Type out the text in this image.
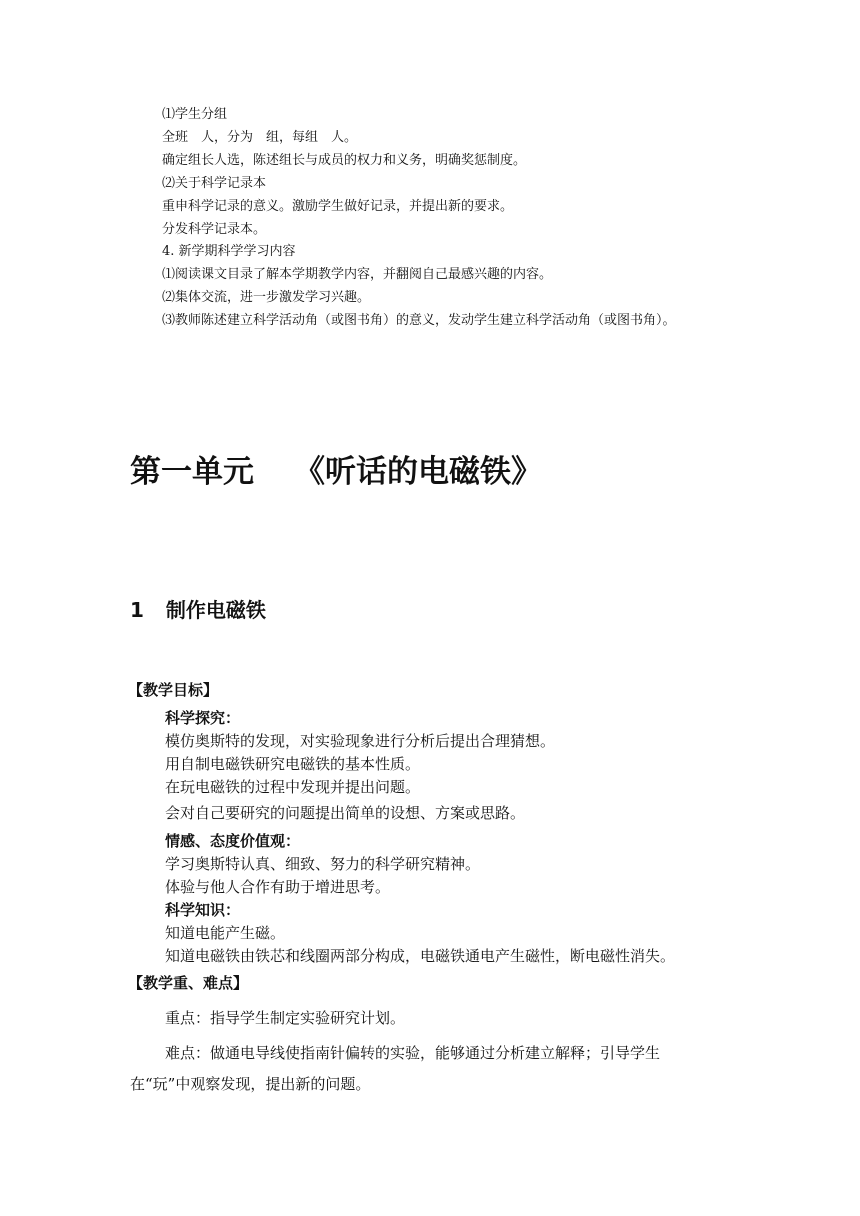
⑴学生分组
全班　人，分为　组，每组　人。
确定组长人选，陈述组长与成员的权力和义务，明确奖惩制度。
⑵关于科学记录本
重申科学记录的意义。激励学生做好记录，并提出新的要求。
分发科学记录本。
4. 新学期科学学习内容
⑴阅读课文目录了解本学期教学内容，并翻阅自己最感兴趣的内容。
⑵集体交流，进一步激发学习兴趣。
⑶教师陈述建立科学活动角（或图书角）的意义，发动学生建立科学活动角（或图书角）。
第一单元 《听话的电磁铁》
1 制作电磁铁
【教学目标】
科学探究：
模仿奥斯特的发现，对实验现象进行分析后提出合理猜想。
用自制电磁铁研究电磁铁的基本性质。
在玩电磁铁的过程中发现并提出问题。
会对自己要研究的问题提出简单的设想、方案或思路。
情感、态度价值观：
学习奥斯特认真、细致、努力的科学研究精神。
体验与他人合作有助于增进思考。
科学知识：
知道电能产生磁。
知道电磁铁由铁芯和线圈两部分构成，电磁铁通电产生磁性，断电磁性消失。
【教学重、难点】
重点：指导学生制定实验研究计划。
难点：做通电导线使指南针偏转的实验，能够通过分析建立解释；引导学生
在“玩”中观察发现，提出新的问题。
